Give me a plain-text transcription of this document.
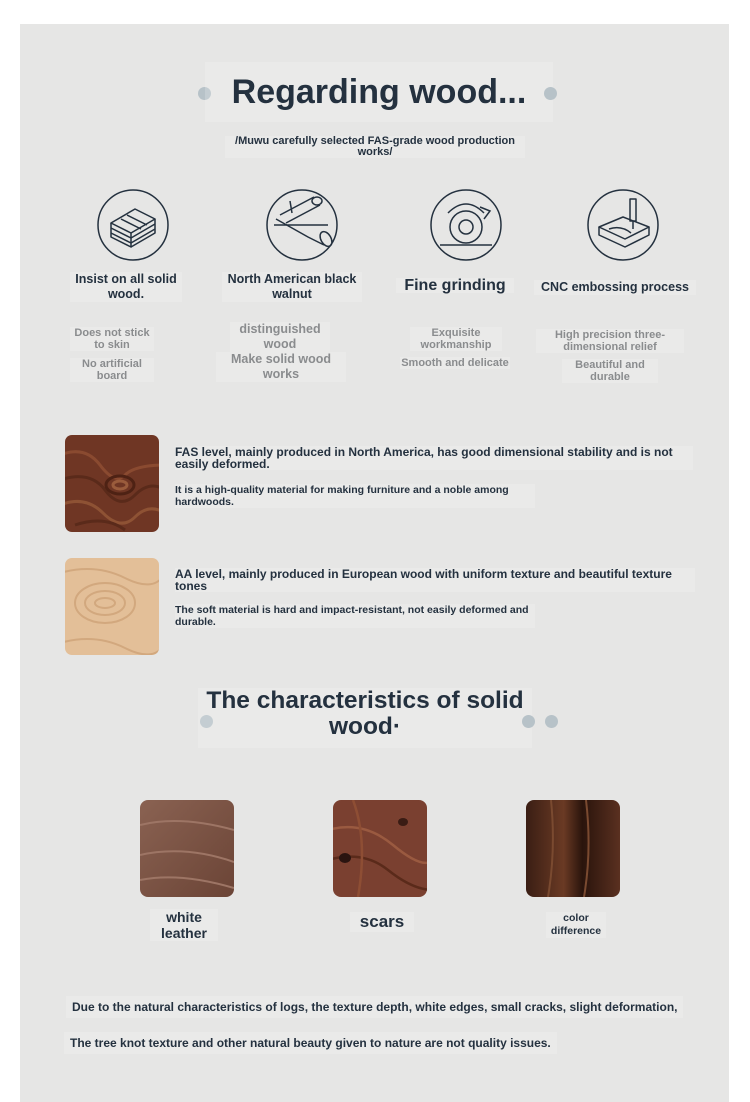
Regarding wood...
/Muwu carefully selected FAS-grade wood production works/
Insist on all solid wood.
North American black walnut	Fine grinding	CNC embossing process
Does not stick to skin
No artificial board
distinguished wood
Make solid wood works
Exquisite workmanship
Smooth and delicate
High precision three-dimensional relief
Beautiful and durable
FAS level, mainly produced in North America, has good dimensional stability and is not easily deformed.
It is a high-quality material for making furniture and a noble among hardwoods.
AA level, mainly produced in European wood with uniform texture and beautiful texture tones
The soft material is hard and impact-resistant, not easily deformed and durable.
The characteristics of solid wood·
white leather
scars	color difference
Due to the natural characteristics of logs, the texture depth, white edges, small cracks, slight deformation,
The tree knot texture and other natural beauty given to nature are not quality issues.
